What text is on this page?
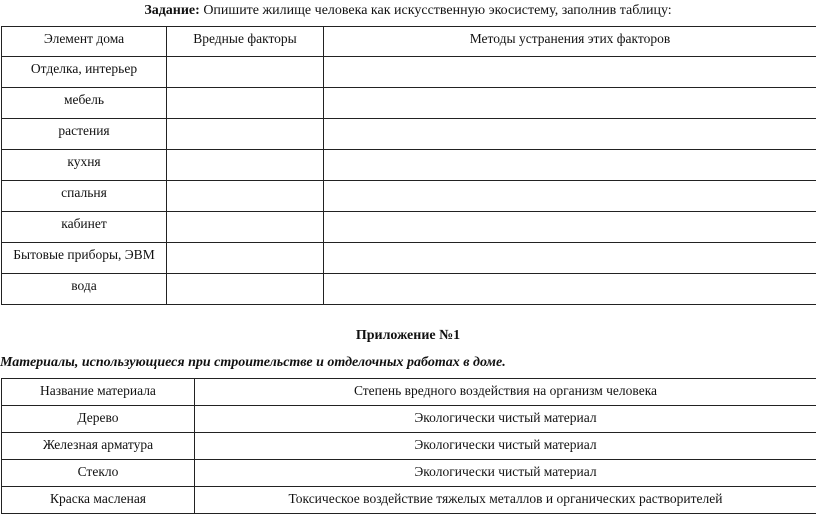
Задание: Опишите жилище человека как искусственную экосистему, заполнив таблицу:
Элемент дома	Вредные факторы	Методы устранения этих факторов
Отделка, интерьер		
мебель		
растения		
кухня		
спальня		
кабинет		
Бытовые приборы, ЭВМ		
вода		
Приложение №1
Материалы, использующиеся при строительстве и отделочных работах в доме.
Название материала	Степень вредного воздействия на организм человека
Дерево	Экологически чистый материал
Железная арматура	Экологически чистый материал
Стекло	Экологически чистый материал
Краска масленая	Токсическое воздействие тяжелых металлов и органических растворителей
